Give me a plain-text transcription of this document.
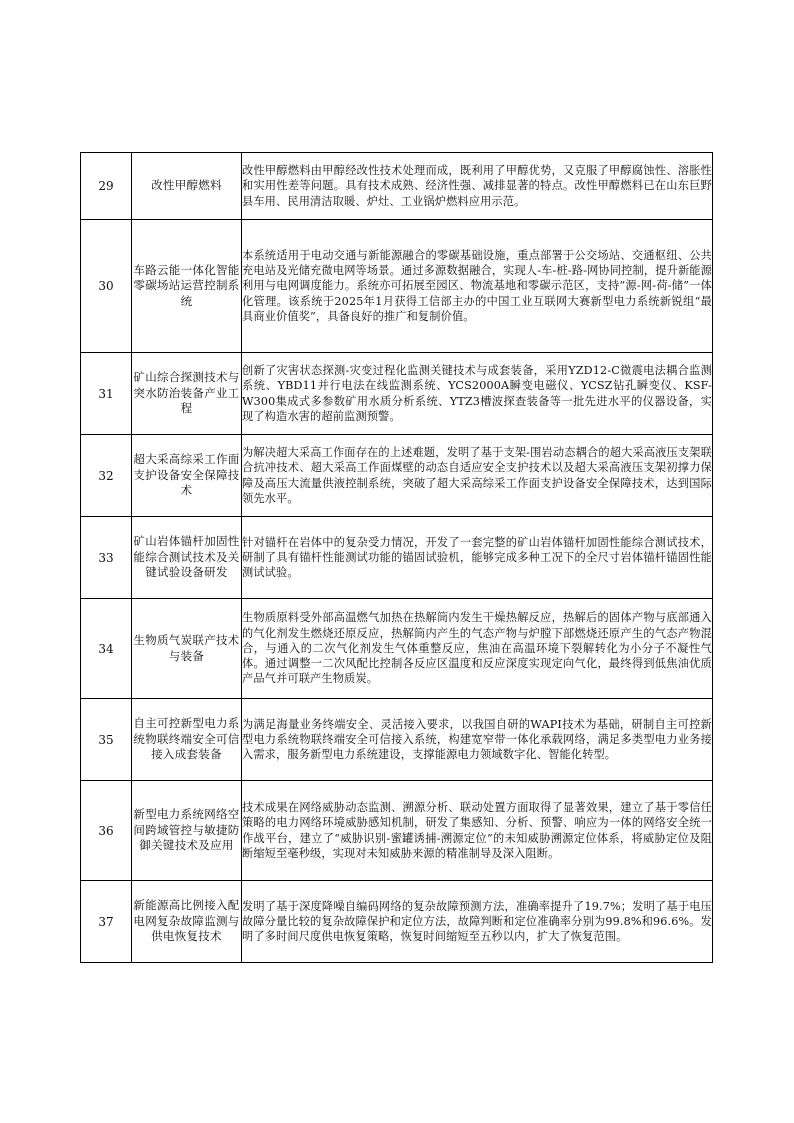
29	改性甲醇燃料	改性甲醇燃料由甲醇经改性技术处理而成，既利用了甲醇优势，又克服了甲醇腐蚀性、溶胀性和实用性差等问题。具有技术成熟、经济性强、减排显著的特点。改性甲醇燃料已在山东巨野县车用、民用清洁取暖、炉灶、工业锅炉燃料应用示范。
30	车路云能一体化智能零碳场站运营控制系统	本系统适用于电动交通与新能源融合的零碳基础设施，重点部署于公交场站、交通枢纽、公共充电站及光储充微电网等场景。通过多源数据融合，实现人-车-桩-路-网协同控制，提升新能源利用与电网调度能力。系统亦可拓展至园区、物流基地和零碳示范区，支持“源-网-荷-储”一体化管理。该系统于2025年1月获得工信部主办的中国工业互联网大赛新型电力系统新锐组“最具商业价值奖”，具备良好的推广和复制价值。
31	矿山综合探测技术与突水防治装备产业工程	创新了灾害状态探测-灾变过程化监测关键技术与成套装备，采用YZD12-C微震电法耦合监测系统、YBD11并行电法在线监测系统、YCS2000A瞬变电磁仪、YCSZ钻孔瞬变仪、KSF-W300集成式多参数矿用水质分析系统、YTZ3槽波探查装备等一批先进水平的仪器设备，实现了构造水害的超前监测预警。
32	超大采高综采工作面支护设备安全保障技术	为解决超大采高工作面存在的上述难题，发明了基于支架-围岩动态耦合的超大采高液压支架联合抗冲技术、超大采高工作面煤壁的动态自适应安全支护技术以及超大采高液压支架初撑力保障及高压大流量供液控制系统，突破了超大采高综采工作面支护设备安全保障技术，达到国际领先水平。
33	矿山岩体锚杆加固性能综合测试技术及关键试验设备研发	针对锚杆在岩体中的复杂受力情况，开发了一套完整的矿山岩体锚杆加固性能综合测试技术，研制了具有锚杆性能测试功能的锚固试验机，能够完成多种工况下的全尺寸岩体锚杆锚固性能测试试验。
34	生物质气炭联产技术与装备	生物质原料受外部高温燃气加热在热解筒内发生干燥热解反应，热解后的固体产物与底部通入的气化剂发生燃烧还原反应，热解筒内产生的气态产物与炉膛下部燃烧还原产生的气态产物混合，与通入的二次气化剂发生气体重整反应，焦油在高温环境下裂解转化为小分子不凝性气体。通过调整一二次风配比控制各反应区温度和反应深度实现定向气化，最终得到低焦油优质产品气并可联产生物质炭。
35	自主可控新型电力系统物联终端安全可信接入成套装备	为满足海量业务终端安全、灵活接入要求，以我国自研的WAPI技术为基础，研制自主可控新型电力系统物联终端安全可信接入系统，构建宽窄带一体化承载网络，满足多类型电力业务接入需求，服务新型电力系统建设，支撑能源电力领域数字化、智能化转型。
36	新型电力系统网络空间跨域管控与敏捷防御关键技术及应用	技术成果在网络威胁动态监测、溯源分析、联动处置方面取得了显著效果，建立了基于零信任策略的电力网络环境威胁感知机制，研发了集感知、分析、预警、响应为一体的网络安全统一作战平台，建立了“威胁识别-蜜罐诱捕-溯源定位”的未知威胁溯源定位体系，将威胁定位及阻断缩短至毫秒级，实现对未知威胁来源的精准制导及深入阻断。
37	新能源高比例接入配电网复杂故障监测与供电恢复技术	发明了基于深度降噪自编码网络的复杂故障预测方法，准确率提升了19.7%；发明了基于电压故障分量比较的复杂故障保护和定位方法，故障判断和定位准确率分别为99.8%和96.6%。发明了多时间尺度供电恢复策略，恢复时间缩短至五秒以内，扩大了恢复范围。
